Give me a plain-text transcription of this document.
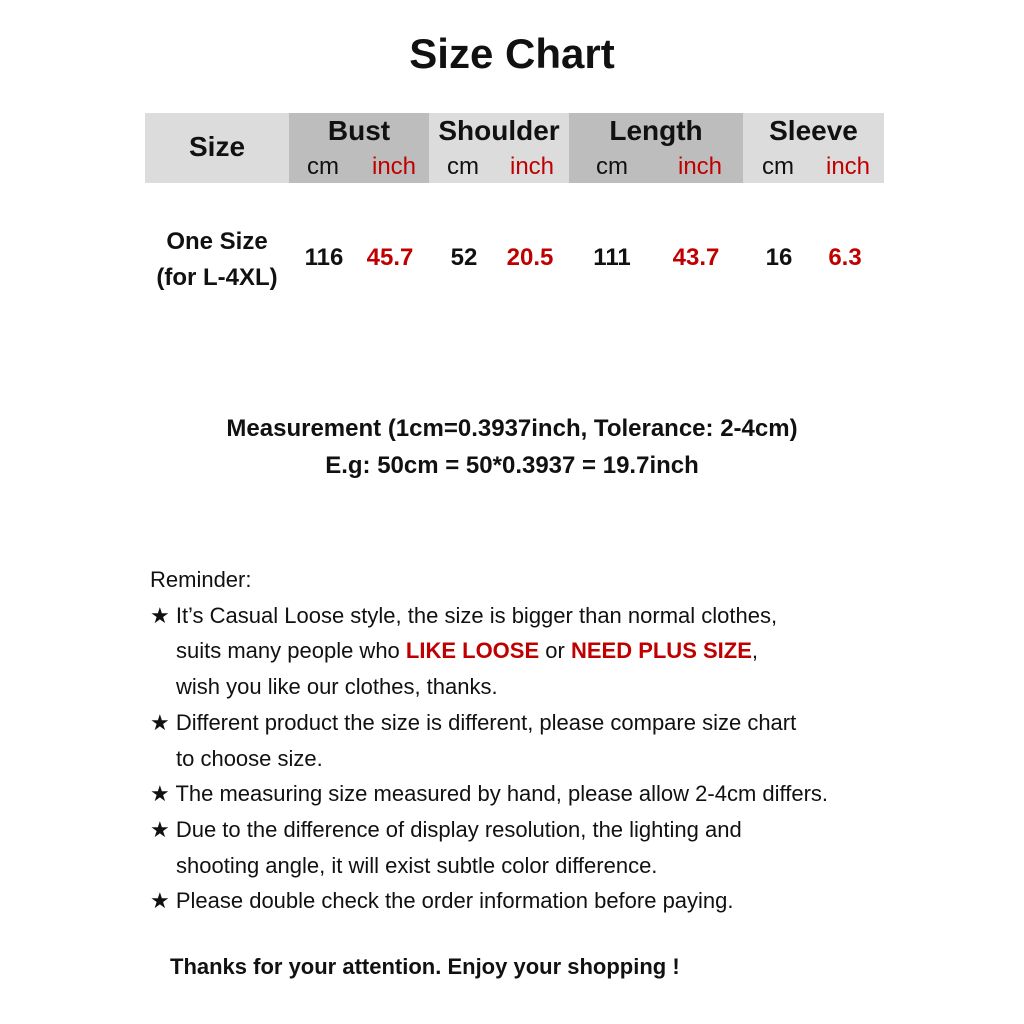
Size Chart
Size
Bust
cm	inch
Shoulder
cm	inch
Length
cm	inch
Sleeve
cm	inch
One Size
(for L-4XL)
116 45.7	52	20.5	111	43.7	16	6.3
Measurement (1cm=0.3937inch, Tolerance: 2-4cm)
E.g: 50cm = 50*0.3937 = 19.7inch
Reminder:
★ It’s Casual Loose style, the size is bigger than normal clothes,
suits many people who LIKE LOOSE or NEED PLUS SIZE,
wish you like our clothes, thanks.
★ Different product the size is different, please compare size chart
to choose size.
★ The measuring size measured by hand, please allow 2-4cm differs.
★ Due to the difference of display resolution, the lighting and
shooting angle, it will exist subtle color difference.
★ Please double check the order information before paying.
Thanks for your attention. Enjoy your shopping !
